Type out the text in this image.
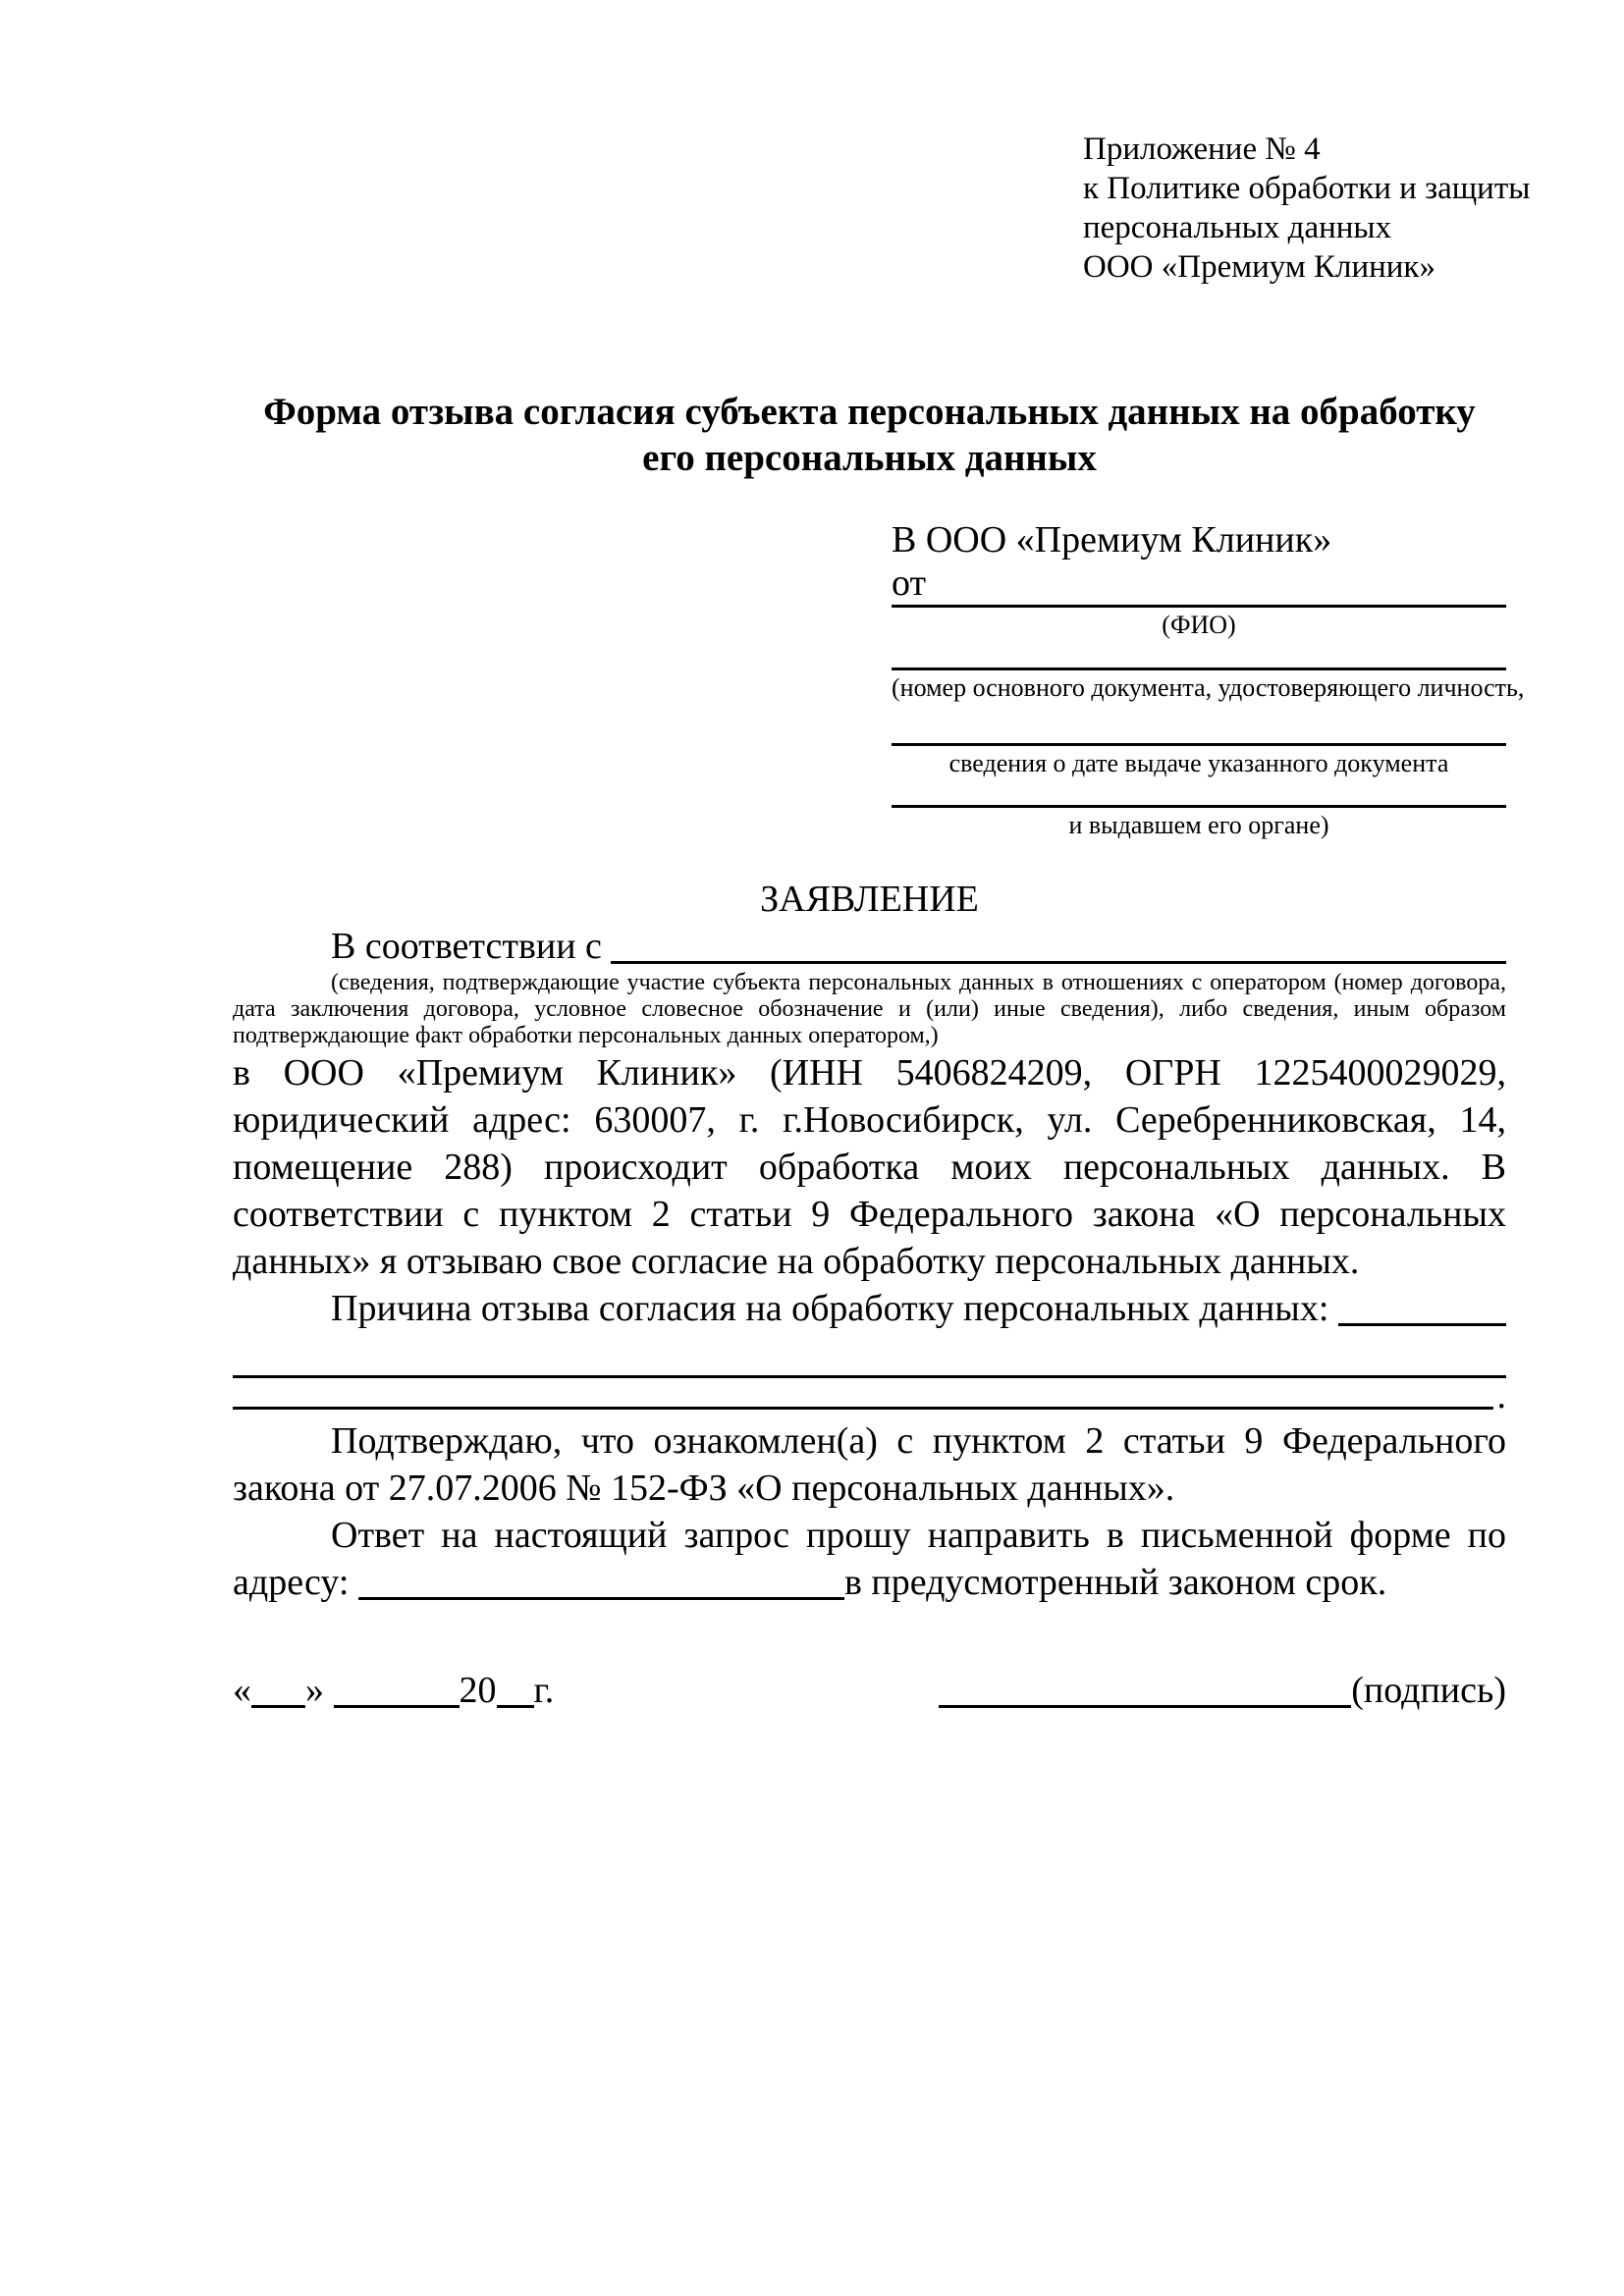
Приложение № 4
к Политике обработки и защиты
персональных данных
ООО «Премиум Клиник»
Форма отзыва согласия субъекта персональных данных на обработку
его персональных данных
В ООО «Премиум Клиник»
от
(ФИО)
(номер основного документа, удостоверяющего личность,
сведения о дате выдаче указанного документа
и выдавшем его органе)
ЗАЯВЛЕНИЕ
В соответствии с

(сведения, подтверждающие участие субъекта персональных данных в отношениях с оператором (номер договора, дата заключения договора, условное словесное обозначение и (или) иные сведения), либо сведения, иным образом подтверждающие факт обработки персональных данных оператором,)
в ООО «Премиум Клиник» (ИНН 5406824209, ОГРН 1225400029029, юридический адрес: 630007, г. г.Новосибирск, ул. Серебренниковская, 14, помещение 288) происходит обработка моих персональных данных. В соответствии с пунктом 2 статьи 9 Федерального закона «О персональных данных» я отзываю свое согласие на обработку персональных данных.
Причина отзыва согласия на обработку персональных данных:

.
Подтверждаю, что ознакомлен(а) с пунктом 2 статьи 9 Федерального закона от 27.07.2006 № 152-ФЗ «О персональных данных».
Ответ на настоящий запрос прошу направить в письменной форме по адресу:	в предусмотренный законом срок.
« »	20 г.	(подпись)
